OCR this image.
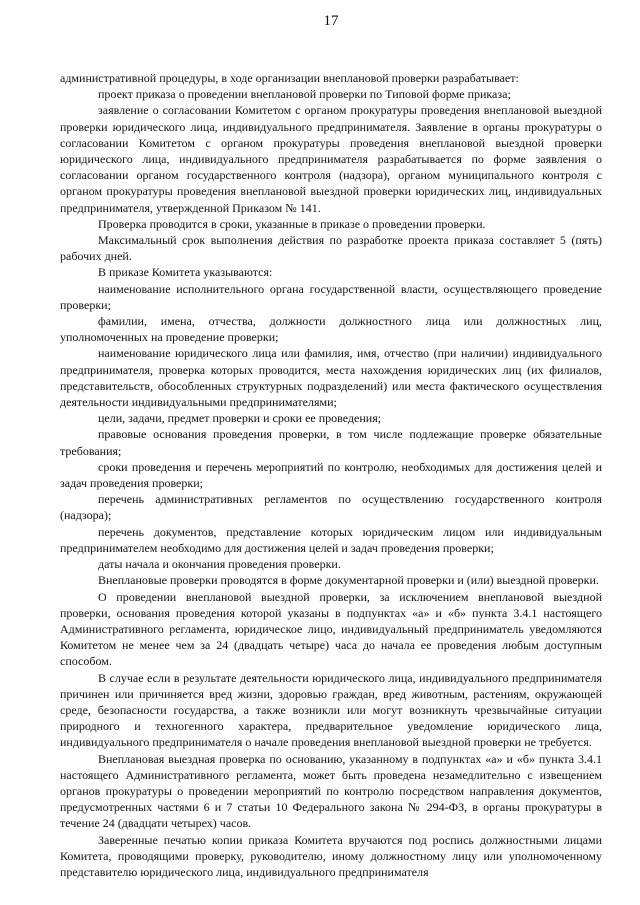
17

административной процедуры, в ходе организации внеплановой проверки разрабатывает:

проект приказа о проведении внеплановой проверки по Типовой форме приказа;

заявление о согласовании Комитетом с органом прокуратуры проведения внеплановой выездной проверки юридического лица, индивидуального предпринимателя. Заявление в органы прокуратуры о согласовании Комитетом с органом прокуратуры проведения внеплановой выездной проверки юридического лица, индивидуального предпринимателя разрабатывается по форме заявления о согласовании органом государственного контроля (надзора), органом муниципального контроля с органом прокуратуры проведения внеплановой выездной проверки юридических лиц, индивидуальных предпринимателя, утвержденной Приказом № 141.

Проверка проводится в сроки, указанные в приказе о проведении проверки.

Максимальный срок выполнения действия по разработке проекта приказа составляет 5 (пять) рабочих дней.

В приказе Комитета указываются:

наименование исполнительного органа государственной власти, осуществляющего проведение проверки;

фамилии, имена, отчества, должности должностного лица или должностных лиц, уполномоченных на проведение проверки;

наименование юридического лица или фамилия, имя, отчество (при наличии) индивидуального предпринимателя, проверка которых проводится, места нахождения юридических лиц (их филиалов, представительств, обособленных структурных подразделений) или места фактического осуществления деятельности индивидуальными предпринимателями;

цели, задачи, предмет проверки и сроки ее проведения;

правовые основания проведения проверки, в том числе подлежащие проверке обязательные требования;

сроки проведения и перечень мероприятий по контролю, необходимых для достижения целей и задач проведения проверки;

перечень административных регламентов по осуществлению государственного контроля (надзора);

перечень документов, представление которых юридическим лицом или индивидуальным предпринимателем необходимо для достижения целей и задач проведения проверки;

даты начала и окончания проведения проверки.

Внеплановые проверки проводятся в форме документарной проверки и (или) выездной проверки.

О проведении внеплановой выездной проверки, за исключением внеплановой выездной проверки, основания проведения которой указаны в подпунктах «а» и «б» пункта 3.4.1 настоящего Административного регламента, юридическое лицо, индивидуальный предприниматель уведомляются Комитетом не менее чем за 24 (двадцать четыре) часа до начала ее проведения любым доступным способом.

В случае если в результате деятельности юридического лица, индивидуального предпринимателя причинен или причиняется вред жизни, здоровью граждан, вред животным, растениям, окружающей среде, безопасности государства, а также возникли или могут возникнуть чрезвычайные ситуации природного и техногенного характера, предварительное уведомление юридического лица, индивидуального предпринимателя о начале проведения внеплановой выездной проверки не требуется.

Внеплановая выездная проверка по основанию, указанному в подпунктах «а» и «б» пункта 3.4.1 настоящего Административного регламента, может быть проведена незамедлительно с извещением органов прокуратуры о проведении мероприятий по контролю посредством направления документов, предусмотренных частями 6 и 7 статьи 10 Федерального закона № 294-ФЗ, в органы прокуратуры в течение 24 (двадцати четырех) часов.

Заверенные печатью копии приказа Комитета вручаются под роспись должностными лицами Комитета, проводящими проверку, руководителю, иному должностному лицу или уполномоченному представителю юридического лица, индивидуального предпринимателя
